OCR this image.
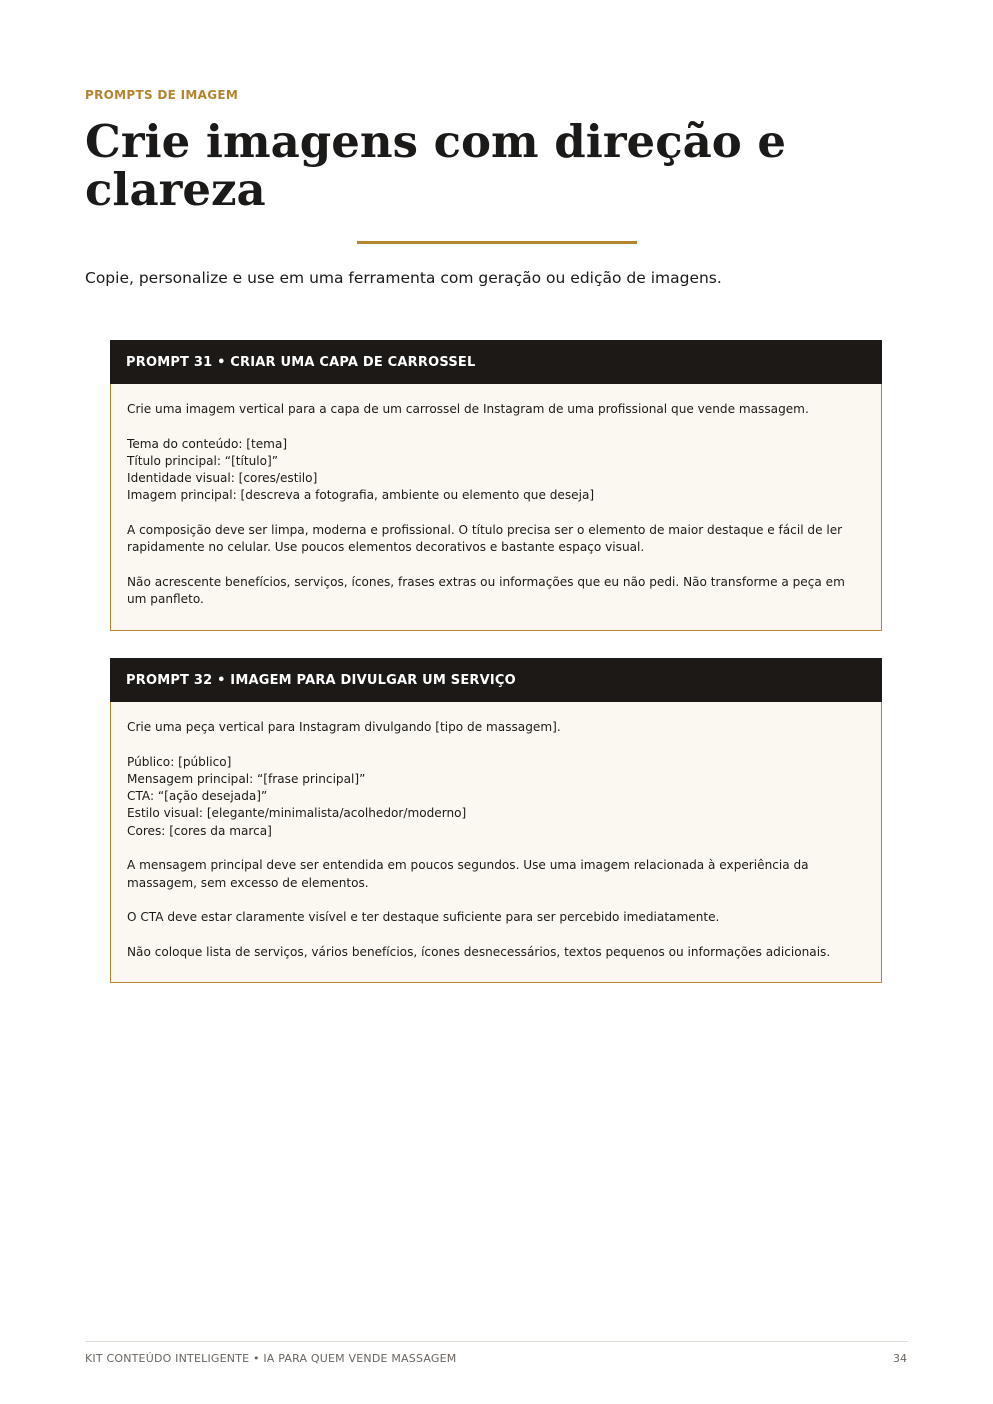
PROMPTS DE IMAGEM
Crie imagens com direção e clareza

Copie, personalize e use em uma ferramenta com geração ou edição de imagens.

PROMPT 31 • CRIAR UMA CAPA DE CARROSSEL

Crie uma imagem vertical para a capa de um carrossel de Instagram de uma profissional que vende massagem.

Tema do conteúdo: [tema]
Título principal: “[título]”
Identidade visual: [cores/estilo]
Imagem principal: [descreva a fotografia, ambiente ou elemento que deseja]

A composição deve ser limpa, moderna e profissional. O título precisa ser o elemento de maior destaque e fácil de ler rapidamente no celular. Use poucos elementos decorativos e bastante espaço visual.

Não acrescente benefícios, serviços, ícones, frases extras ou informações que eu não pedi. Não transforme a peça em um panfleto.

PROMPT 32 • IMAGEM PARA DIVULGAR UM SERVIÇO

Crie uma peça vertical para Instagram divulgando [tipo de massagem].

Público: [público]
Mensagem principal: “[frase principal]”
CTA: “[ação desejada]”
Estilo visual: [elegante/minimalista/acolhedor/moderno]
Cores: [cores da marca]

A mensagem principal deve ser entendida em poucos segundos. Use uma imagem relacionada à experiência da massagem, sem excesso de elementos.

O CTA deve estar claramente visível e ter destaque suficiente para ser percebido imediatamente.

Não coloque lista de serviços, vários benefícios, ícones desnecessários, textos pequenos ou informações adicionais.

KIT CONTEÚDO INTELIGENTE • IA PARA QUEM VENDE MASSAGEM	34
